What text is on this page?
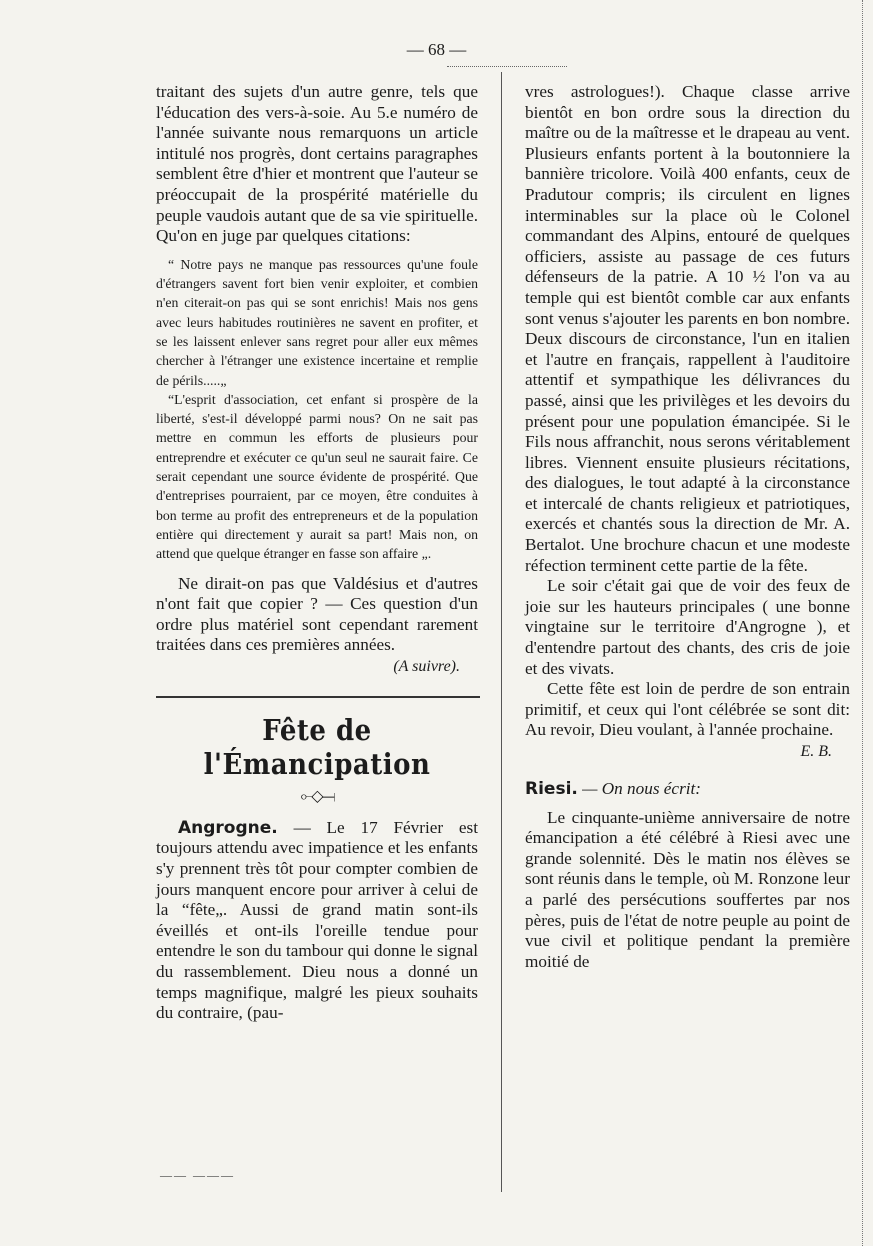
— 68 —

traitant des sujets d'un autre genre, tels que l'éducation des vers-à-soie. Au 5.e numéro de l'année suivante nous remarquons un article intitulé nos progrès, dont certains paragraphes semblent être d'hier et montrent que l'auteur se préoccupait de la prospérité matérielle du peuple vaudois autant que de sa vie spirituelle. Qu'on en juge par quelques citations:

“ Notre pays ne manque pas ressources qu'une foule d'étrangers savent fort bien venir exploiter, et combien n'en citerait-on pas qui se sont enrichis! Mais nos gens avec leurs habitudes routinières ne savent en profiter, et se les laissent enlever sans regret pour aller eux mêmes chercher à l'étranger une existence incertaine et remplie de périls.....„

“L'esprit d'association, cet enfant si prospère de la liberté, s'est-il développé parmi nous? On ne sait pas mettre en commun les efforts de plusieurs pour entreprendre et exécuter ce qu'un seul ne saurait faire. Ce serait cependant une source évidente de prospérité. Que d'entreprises pourraient, par ce moyen, être conduites à bon terme au profit des entrepreneurs et de la population entière qui directement y aurait sa part! Mais non, on attend que quelque étranger en fasse son affaire „.

Ne dirait-on pas que Valdésius et d'autres n'ont fait que copier ? — Ces question d'un ordre plus matériel sont cependant rarement traitées dans ces premières années.

(A suivre).

Fête de l'Émancipation
⟜◇⟞

Angrogne. — Le 17 Février est toujours attendu avec impatience et les enfants s'y prennent très tôt pour compter combien de jours manquent encore pour arriver à celui de la “fête„. Aussi de grand matin sont-ils éveillés et ont-ils l'oreille tendue pour entendre le son du tambour qui donne le signal du rassemblement. Dieu nous a donné un temps magnifique, malgré les pieux souhaits du contraire, (pau-

vres astrologues!). Chaque classe arrive bientôt en bon ordre sous la direction du maître ou de la maîtresse et le drapeau au vent. Plusieurs enfants portent à la boutonniere la bannière tricolore. Voilà 400 enfants, ceux de Pradutour compris; ils circulent en lignes interminables sur la place où le Colonel commandant des Alpins, entouré de quelques officiers, assiste au passage de ces futurs défenseurs de la patrie. A 10 ½ l'on va au temple qui est bientôt comble car aux enfants sont venus s'ajouter les parents en bon nombre. Deux discours de circonstance, l'un en italien et l'autre en français, rappellent à l'auditoire attentif et sympathique les délivrances du passé, ainsi que les privilèges et les devoirs du présent pour une population émancipée. Si le Fils nous affranchit, nous serons véritablement libres. Viennent ensuite plusieurs récitations, des dialogues, le tout adapté à la circonstance et intercalé de chants religieux et patriotiques, exercés et chantés sous la direction de Mr. A. Bertalot. Une brochure chacun et une modeste réfection terminent cette partie de la fête.

Le soir c'était gai que de voir des feux de joie sur les hauteurs principales ( une bonne vingtaine sur le territoire d'Angrogne ), et d'entendre partout des chants, des cris de joie et des vivats.

Cette fête est loin de perdre de son entrain primitif, et ceux qui l'ont célébrée se sont dit: Au revoir, Dieu voulant, à l'année prochaine.

E. B.

Riesi. — On nous écrit:

Le cinquante-unième anniversaire de notre émancipation a été célébré à Riesi avec une grande solennité. Dès le matin nos élèves se sont réunis dans le temple, où M. Ronzone leur a parlé des persécutions souffertes par nos pères, puis de l'état de notre peuple au point de vue civil et politique pendant la première moitié de

—— ———
